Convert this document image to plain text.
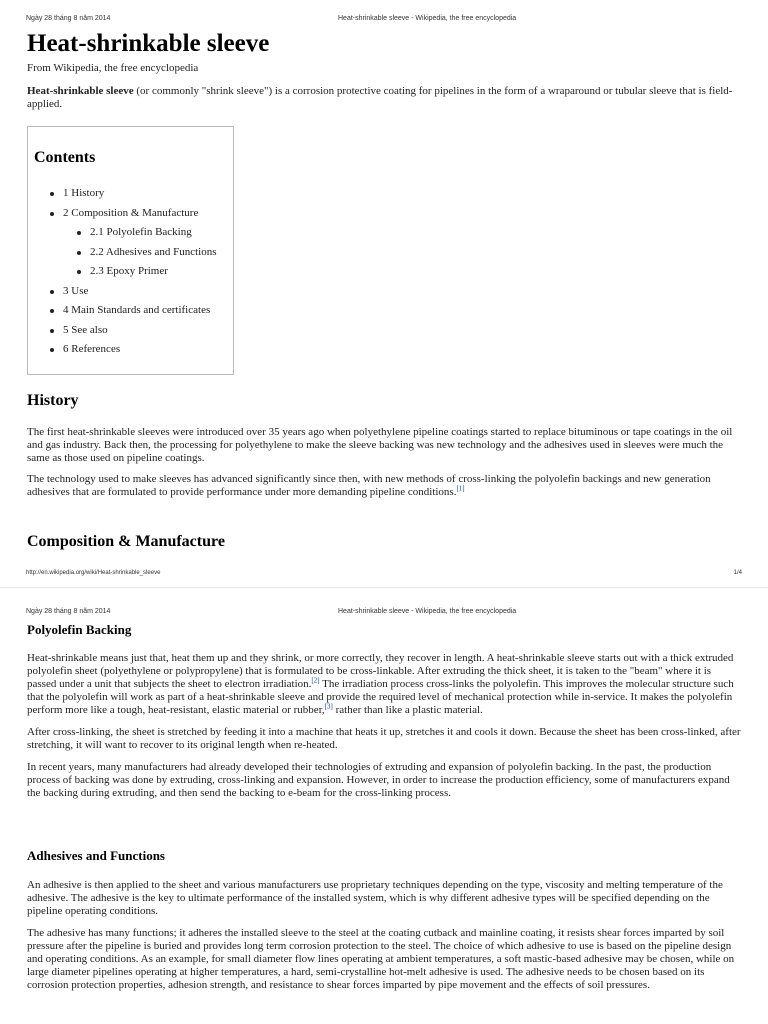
Ngày 28 tháng 8 năm 2014	Heat-shrinkable sleeve - Wikipedia, the free encyclopedia
Heat-shrinkable sleeve
From Wikipedia, the free encyclopedia

Heat-shrinkable sleeve (or commonly "shrink sleeve") is a corrosion protective coating for pipelines in the form of a wraparound or tubular sleeve that is field-applied.

Contents
1 History
2 Composition & Manufacture
2.1 Polyolefin Backing
2.2 Adhesives and Functions
2.3 Epoxy Primer
3 Use
4 Main Standards and certificates
5 See also
6 References
History

The first heat-shrinkable sleeves were introduced over 35 years ago when polyethylene pipeline coatings started to replace bituminous or tape coatings in the oil and gas industry. Back then, the processing for polyethylene to make the sleeve backing was new technology and the adhesives used in sleeves were much the same as those used on pipeline coatings.

The technology used to make sleeves has advanced significantly since then, with new methods of cross-linking the polyolefin backings and new generation adhesives that are formulated to provide performance under more demanding pipeline conditions.[1]

Composition & Manufacture
http://en.wikipedia.org/wiki/Heat-shrinkable_sleeve	1/4
Ngày 28 tháng 8 năm 2014	Heat-shrinkable sleeve - Wikipedia, the free encyclopedia
Polyolefin Backing

Heat-shrinkable means just that, heat them up and they shrink, or more correctly, they recover in length. A heat-shrinkable sleeve starts out with a thick extruded polyolefin sheet (polyethylene or polypropylene) that is formulated to be cross-linkable. After extruding the thick sheet, it is taken to the "beam" where it is passed under a unit that subjects the sheet to electron irradiation.[2] The irradiation process cross-links the polyolefin. This improves the molecular structure such that the polyolefin will work as part of a heat-shrinkable sleeve and provide the required level of mechanical protection while in-service. It makes the polyolefin perform more like a tough, heat-resistant, elastic material or rubber,[3] rather than like a plastic material.

After cross-linking, the sheet is stretched by feeding it into a machine that heats it up, stretches it and cools it down. Because the sheet has been cross-linked, after stretching, it will want to recover to its original length when re-heated.

In recent years, many manufacturers had already developed their technologies of extruding and expansion of polyolefin backing. In the past, the production process of backing was done by extruding, cross-linking and expansion. However, in order to increase the production efficiency, some of manufacturers expand the backing during extruding, and then send the backing to e-beam for the cross-linking process.

Adhesives and Functions

An adhesive is then applied to the sheet and various manufacturers use proprietary techniques depending on the type, viscosity and melting temperature of the adhesive. The adhesive is the key to ultimate performance of the installed system, which is why different adhesive types will be specified depending on the pipeline operating conditions.

The adhesive has many functions; it adheres the installed sleeve to the steel at the coating cutback and mainline coating, it resists shear forces imparted by soil pressure after the pipeline is buried and provides long term corrosion protection to the steel. The choice of which adhesive to use is based on the pipeline design and operating conditions. As an example, for small diameter flow lines operating at ambient temperatures, a soft mastic-based adhesive may be chosen, while on large diameter pipelines operating at higher temperatures, a hard, semi-crystalline hot-melt adhesive is used. The adhesive needs to be chosen based on its corrosion protection properties, adhesion strength, and resistance to shear forces imparted by pipe movement and the effects of soil pressures.
